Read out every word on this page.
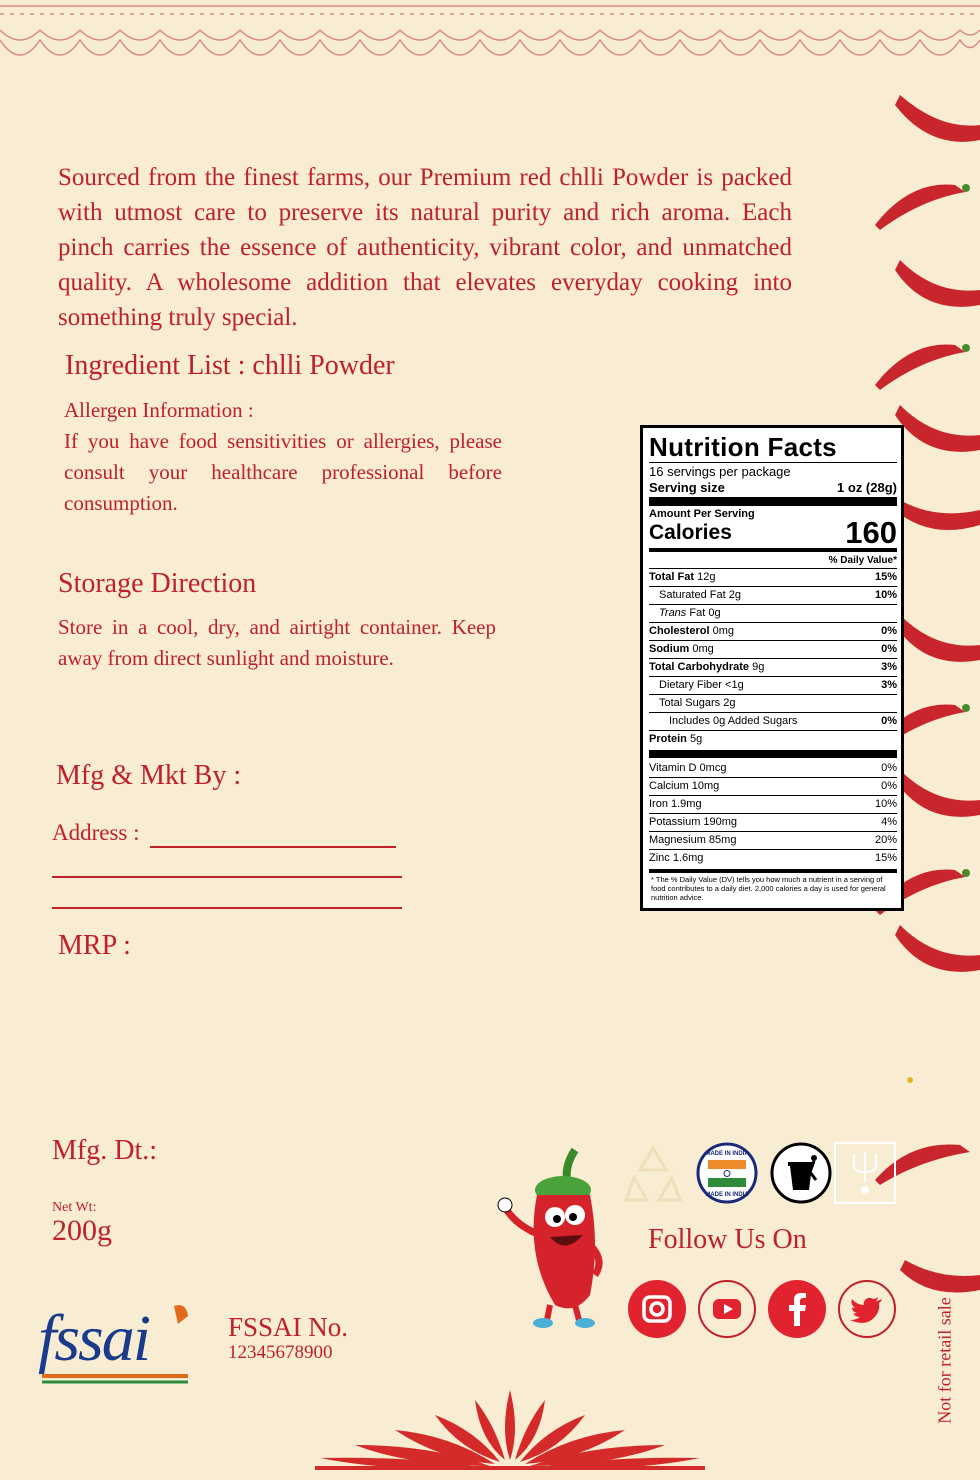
Sourced from the finest farms, our Premium red chlli Powder is packed with utmost care to preserve its natural purity and rich aroma. Each pinch carries the essence of authenticity, vibrant color, and unmatched quality. A wholesome addition that elevates everyday cooking into something truly special.
Ingredient List : chlli Powder
Allergen Information :
If you have food sensitivities or allergies, please consult your healthcare professional before consumption.
Storage Direction
Store in a cool, dry, and airtight container. Keep away from direct sunlight and moisture.
Mfg & Mkt By :
Address :
MRP :
Mfg. Dt.:
Net Wt:
200g
fssai	FSSAI No.
12345678900
MADE IN INDIA
MADE IN INDIA
Follow Us On
Not for retail sale
Nutrition Facts
16 servings per package
Serving size	1 oz (28g)
Amount Per Serving
Calories	160
% Daily Value*
Total Fat 12g	15%
Saturated Fat 2g	10%
Trans Fat 0g
Cholesterol 0mg	0%
Sodium 0mg	0%
Total Carbohydrate 9g	3%
Dietary Fiber <1g	3%
Total Sugars 2g
Includes 0g Added Sugars	0%
Protein 5g
Vitamin D 0mcg	0%
Calcium 10mg	0%
Iron 1.9mg	10%
Potassium 190mg	4%
Magnesium 85mg	20%
Zinc 1.6mg	15%
* The % Daily Value (DV) tells you how much a nutrient in a serving of food contributes to a daily diet. 2,000 calories a day is used for general nutrition advice.
